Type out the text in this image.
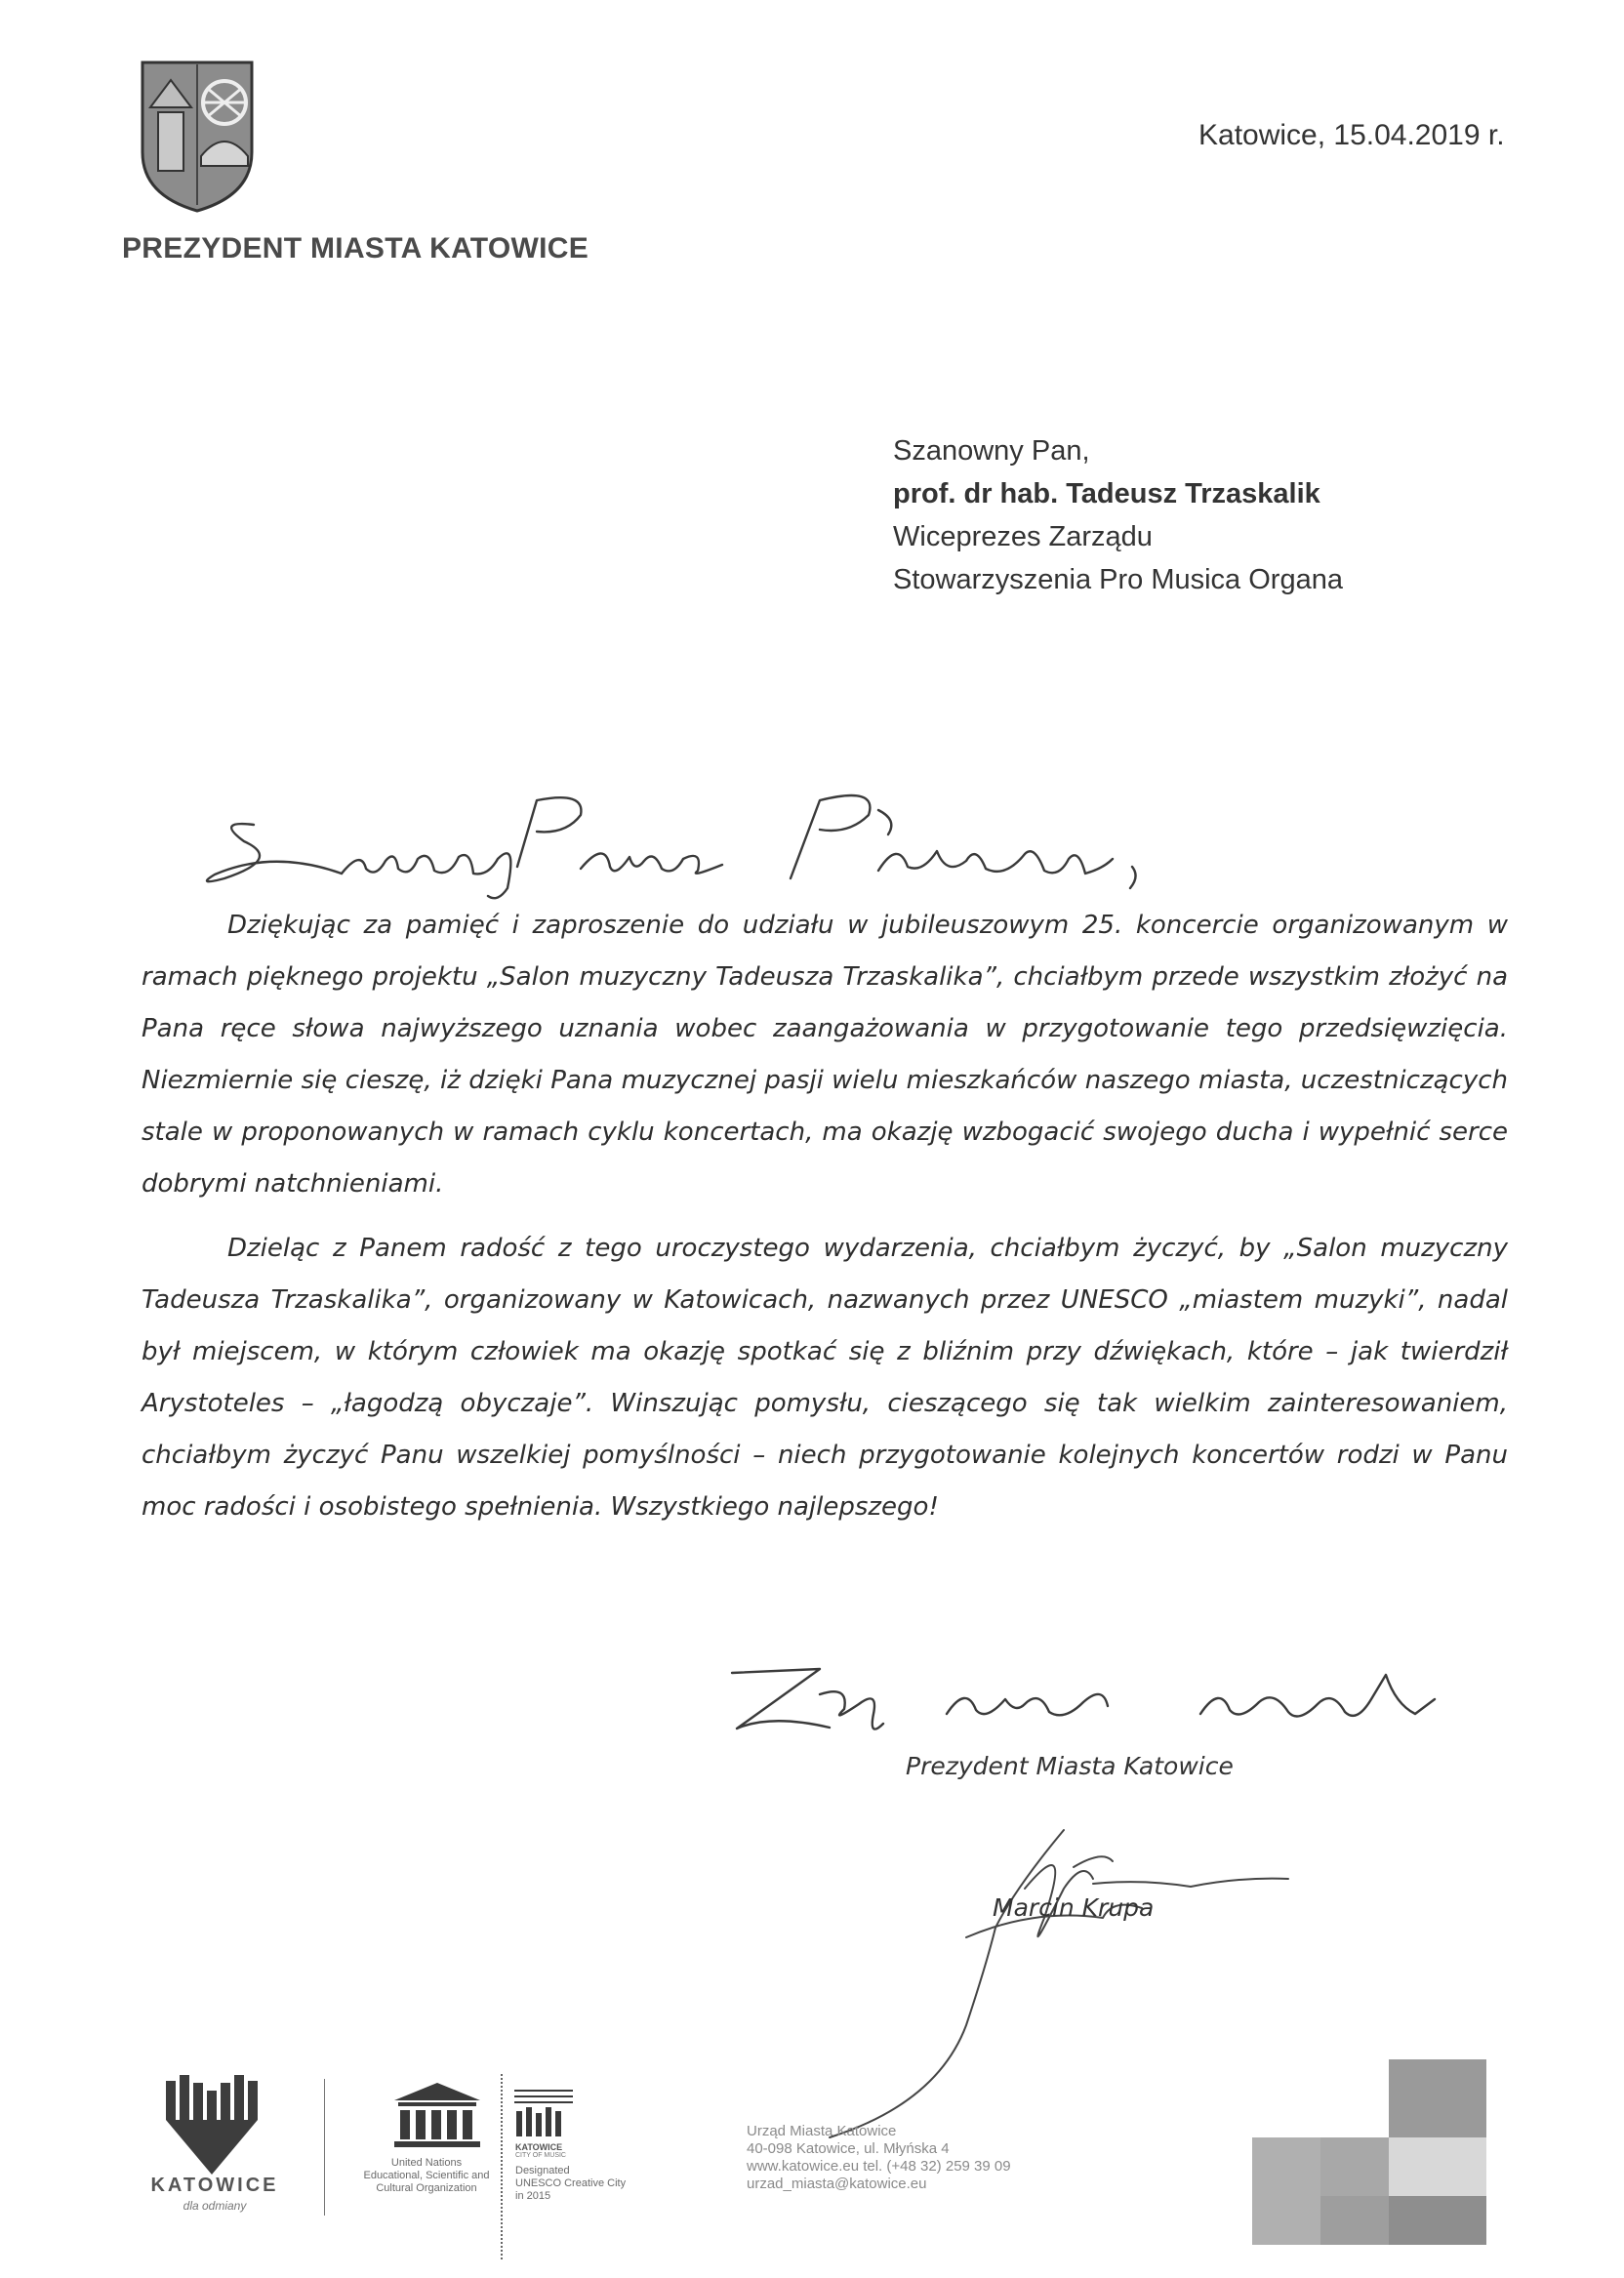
PREZYDENT MIASTA KATOWICE
Katowice, 15.04.2019 r.
Szanowny Pan,
prof. dr hab. Tadeusz Trzaskalik
Wiceprezes Zarządu
Stowarzyszenia Pro Musica Organa

Dziękując za pamięć i zaproszenie do udziału w jubileuszowym 25. koncercie organizowanym w ramach pięknego projektu „Salon muzyczny Tadeusza Trzaskalika”, chciałbym przede wszystkim złożyć na Pana ręce słowa najwyższego uznania wobec zaangażowania w przygotowanie tego przedsięwzięcia. Niezmiernie się cieszę, iż dzięki Pana muzycznej pasji wielu mieszkańców naszego miasta, uczestniczących stale w proponowanych w ramach cyklu koncertach, ma okazję wzbogacić swojego ducha i wypełnić serce dobrymi natchnieniami.

Dzieląc z Panem radość z tego uroczystego wydarzenia, chciałbym życzyć, by „Salon muzyczny Tadeusza Trzaskalika”, organizowany w Katowicach, nazwanych przez UNESCO „miastem muzyki”, nadal był miejscem, w którym człowiek ma okazję spotkać się z bliźnim przy dźwiękach, które – jak twierdził Arystoteles – „łagodzą obyczaje”. Winszując pomysłu, cieszącego się tak wielkim zainteresowaniem, chciałbym życzyć Panu wszelkiej pomyślności – niech przygotowanie kolejnych koncertów rodzi w Panu moc radości i osobistego spełnienia. Wszystkiego najlepszego!

Prezydent Miasta Katowice
Marcin Krupa
KATOWICE
dla odmiany
United Nations
Educational, Scientific and
Cultural Organization
KATOWICE
CITY OF MUSIC
Designated
UNESCO Creative City
in 2015
Urząd Miasta Katowice
40-098 Katowice, ul. Młyńska 4
www.katowice.eu tel. (+48 32) 259 39 09
urzad_miasta@katowice.eu
